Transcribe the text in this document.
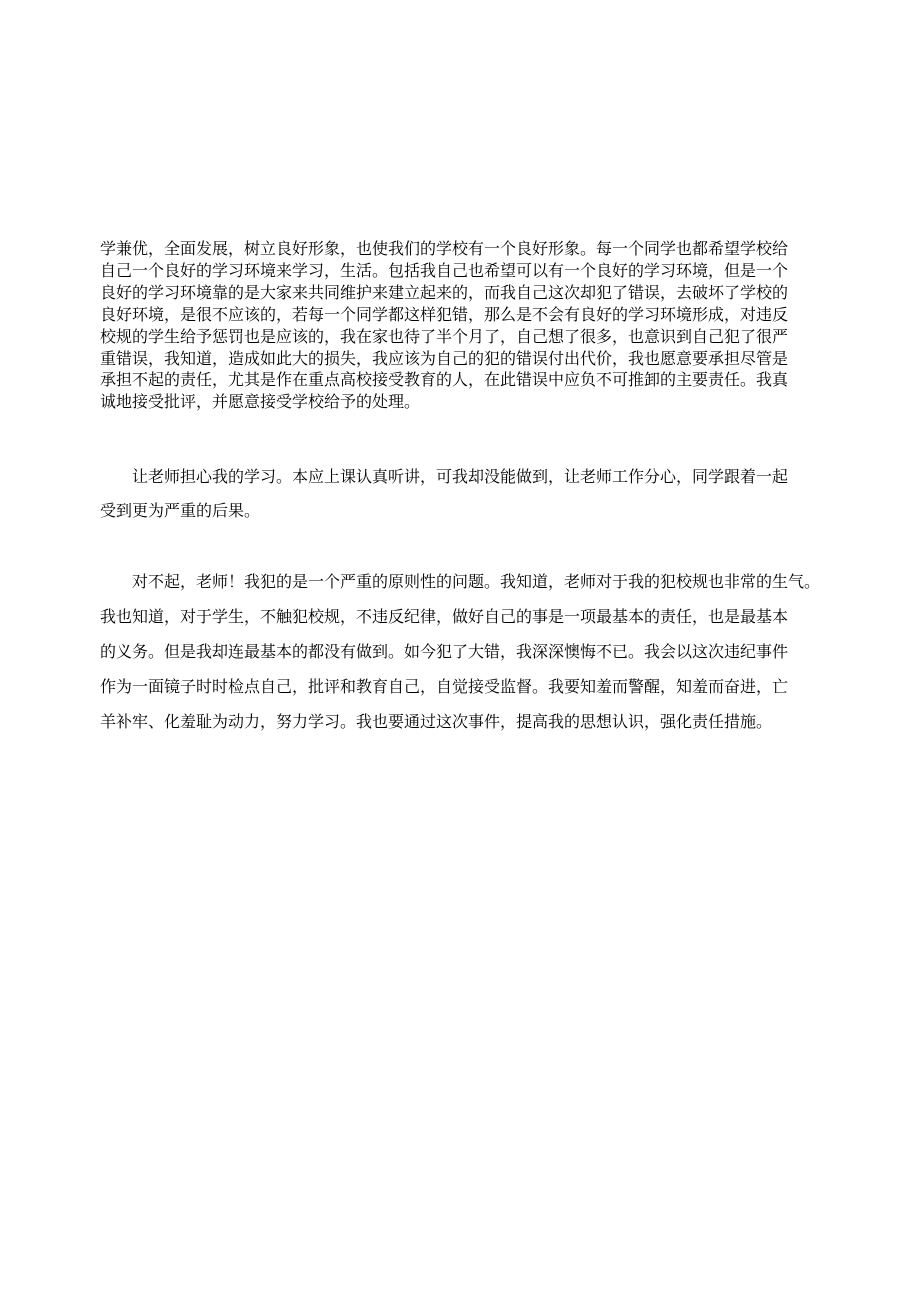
学兼优，全面发展，树立良好形象，也使我们的学校有一个良好形象。每一个同学也都希望学校给
自己一个良好的学习环境来学习，生活。包括我自己也希望可以有一个良好的学习环境，但是一个
良好的学习环境靠的是大家来共同维护来建立起来的，而我自己这次却犯了错误，去破坏了学校的
良好环境，是很不应该的，若每一个同学都这样犯错，那么是不会有良好的学习环境形成，对违反
校规的学生给予惩罚也是应该的，我在家也待了半个月了，自己想了很多，也意识到自己犯了很严
重错误，我知道，造成如此大的损失，我应该为自己的犯的错误付出代价，我也愿意要承担尽管是
承担不起的责任，尤其是作在重点高校接受教育的人，在此错误中应负不可推卸的主要责任。我真
诚地接受批评，并愿意接受学校给予的处理。

让老师担心我的学习。本应上课认真听讲，可我却没能做到，让老师工作分心，同学跟着一起
受到更为严重的后果。

对不起，老师！我犯的是一个严重的原则性的问题。我知道，老师对于我的犯校规也非常的生气。
我也知道，对于学生，不触犯校规，不违反纪律，做好自己的事是一项最基本的责任，也是最基本
的义务。但是我却连最基本的都没有做到。如今犯了大错，我深深懊悔不已。我会以这次违纪事件
作为一面镜子时时检点自己，批评和教育自己，自觉接受监督。我要知羞而警醒，知羞而奋进，亡
羊补牢、化羞耻为动力，努力学习。我也要通过这次事件，提高我的思想认识，强化责任措施。
